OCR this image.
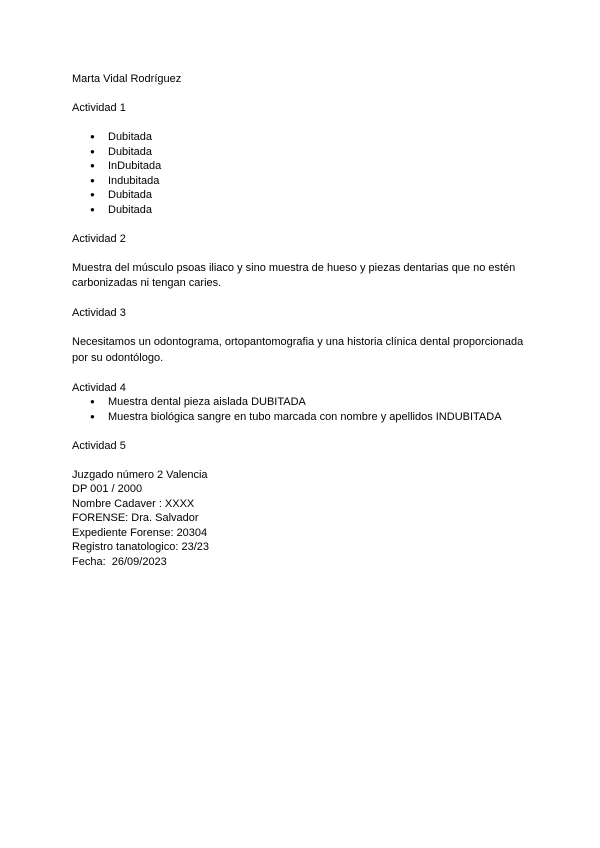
Marta Vidal Rodríguez
Actividad 1
● Dubitada
● Dubitada
● InDubitada
● Indubitada
● Dubitada
● Dubitada
Actividad 2
Muestra del músculo psoas iliaco y sino muestra de hueso y piezas dentarias que no estén carbonizadas ni tengan caries.
Actividad 3
Necesitamos un odontograma, ortopantomografia y una historia clínica dental proporcionada por su odontólogo.
Actividad 4
● Muestra dental pieza aislada DUBITADA
● Muestra biológica sangre en tubo marcada con nombre y apellidos INDUBITADA
Actividad 5
Juzgado número 2 Valencia
DP 001 / 2000
Nombre Cadaver : XXXX
FORENSE: Dra. Salvador
Expediente Forense: 20304
Registro tanatologico: 23/23
Fecha:  26/09/2023
